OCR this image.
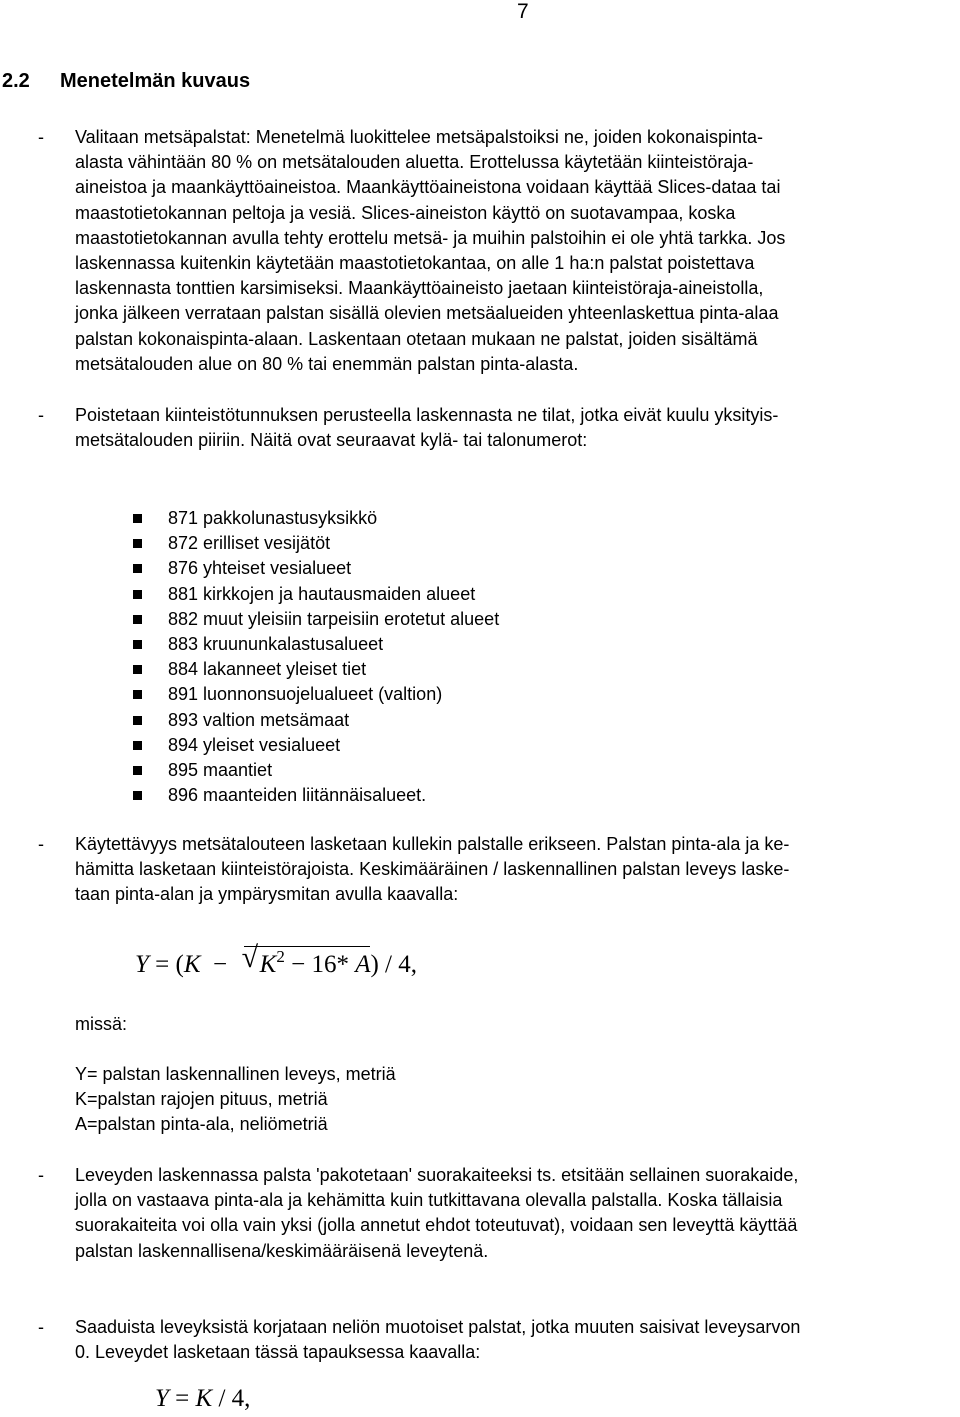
7
2.2 Menetelmän kuvaus
- Valitaan metsäpalstat: Menetelmä luokittelee metsäpalstoiksi ne, joiden kokonaispinta-
alasta vähintään 80 % on metsätalouden aluetta. Erottelussa käytetään kiinteistöraja-
aineistoa ja maankäyttöaineistoa. Maankäyttöaineistona voidaan käyttää Slices-dataa tai
maastotietokannan peltoja ja vesiä. Slices-aineiston käyttö on suotavampaa, koska
maastotietokannan avulla tehty erottelu metsä- ja muihin palstoihin ei ole yhtä tarkka. Jos
laskennassa kuitenkin käytetään maastotietokantaa, on alle 1 ha:n palstat poistettava
laskennasta tonttien karsimiseksi. Maankäyttöaineisto jaetaan kiinteistöraja-aineistolla,
jonka jälkeen verrataan palstan sisällä olevien metsäalueiden yhteenlaskettua pinta-alaa
palstan kokonaispinta-alaan. Laskentaan otetaan mukaan ne palstat, joiden sisältämä
metsätalouden alue on 80 % tai enemmän palstan pinta-alasta.
- Poistetaan kiinteistötunnuksen perusteella laskennasta ne tilat, jotka eivät kuulu yksityis-
metsätalouden piiriin. Näitä ovat seuraavat kylä- tai talonumerot:
871 pakkolunastusyksikkö
872 erilliset vesijätöt
876 yhteiset vesialueet
881 kirkkojen ja hautausmaiden alueet
882 muut yleisiin tarpeisiin erotetut alueet
883 kruununkalastusalueet
884 lakanneet yleiset tiet
891 luonnonsuojelualueet (valtion)
893 valtion metsämaat
894 yleiset vesialueet
895 maantiet
896 maanteiden liitännäisalueet.
- Käytettävyys metsätalouteen lasketaan kullekin palstalle erikseen. Palstan pinta-ala ja ke-
hämitta lasketaan kiinteistörajoista. Keskimääräinen / laskennallinen palstan leveys laske-
taan pinta-alan ja ympärysmitan avulla kaavalla:
Y = (K − √ $K^2 - 16*$ A) / 4,
missä:
Y= palstan laskennallinen leveys, metriä
K=palstan rajojen pituus, metriä
A=palstan pinta-ala, neliömetriä
- Leveyden laskennassa palsta 'pakotetaan' suorakaiteeksi ts. etsitään sellainen suorakaide,
jolla on vastaava pinta-ala ja kehämitta kuin tutkittavana olevalla palstalla. Koska tällaisia
suorakaiteita voi olla vain yksi (jolla annetut ehdot toteutuvat), voidaan sen leveyttä käyttää
palstan laskennallisena/keskimääräisenä leveytenä.
- Saaduista leveyksistä korjataan neliön muotoiset palstat, jotka muuten saisivat leveysarvon
0. Leveydet lasketaan tässä tapauksessa kaavalla:
Y = K / 4,
